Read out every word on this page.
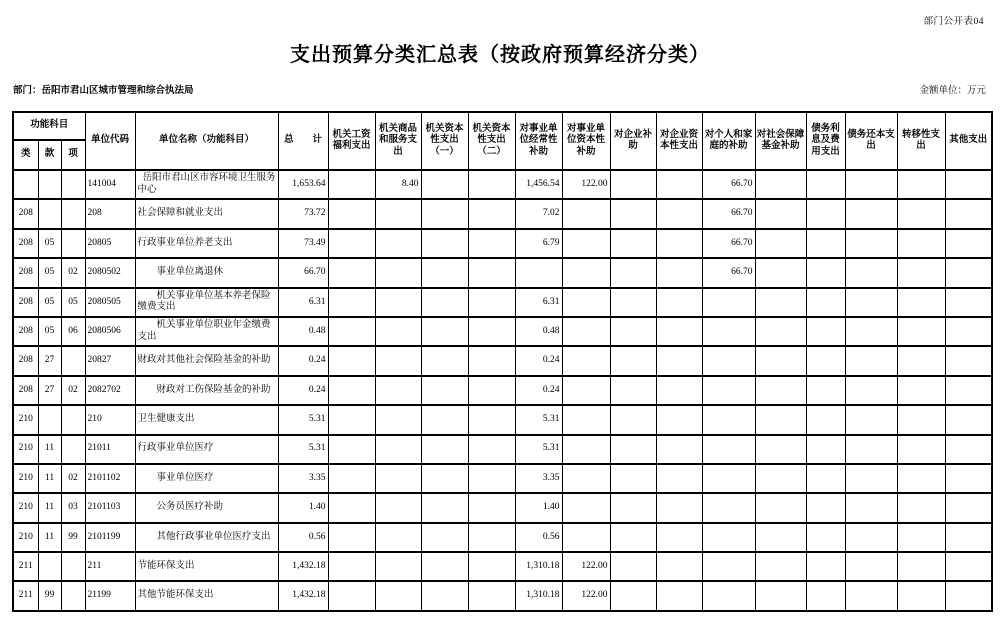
部门公开表04
支出预算分类汇总表（按政府预算经济分类）
部门：岳阳市君山区城市管理和综合执法局	金额单位：万元
功能科目			单位代码	单位名称（功能科目）	总　　计	机关工资福利支出	机关商品和服务支出	机关资本性支出（一）	机关资本性支出（二）	对事业单位经常性补助	对事业单位资本性补助	对企业补助	对企业资本性支出	对个人和家庭的补助	对社会保障基金补助	债务利息及费用支出	债务还本支出	转移性支出	其他支出
类	款	项																	
			141004	岳阳市君山区市容环境卫生服务中心	1,653.64		8.40			1,456.54	122.00			66.70					
208			208	社会保障和就业支出	73.72					7.02				66.70					
208	05		20805	行政事业单位养老支出	73.49					6.79				66.70					
208	05	02	2080502	事业单位离退休	66.70									66.70					
208	05	05	2080505	机关事业单位基本养老保险缴费支出	6.31					6.31									
208	05	06	2080506	机关事业单位职业年金缴费支出	0.48					0.48									
208	27		20827	财政对其他社会保险基金的补助	0.24					0.24									
208	27	02	2082702	财政对工伤保险基金的补助	0.24					0.24									
210			210	卫生健康支出	5.31					5.31									
210	11		21011	行政事业单位医疗	5.31					5.31									
210	11	02	2101102	事业单位医疗	3.35					3.35									
210	11	03	2101103	公务员医疗补助	1.40					1.40									
210	11	99	2101199	其他行政事业单位医疗支出	0.56					0.56									
211			211	节能环保支出	1,432.18					1,310.18	122.00								
211	99		21199	其他节能环保支出	1,432.18					1,310.18	122.00								
